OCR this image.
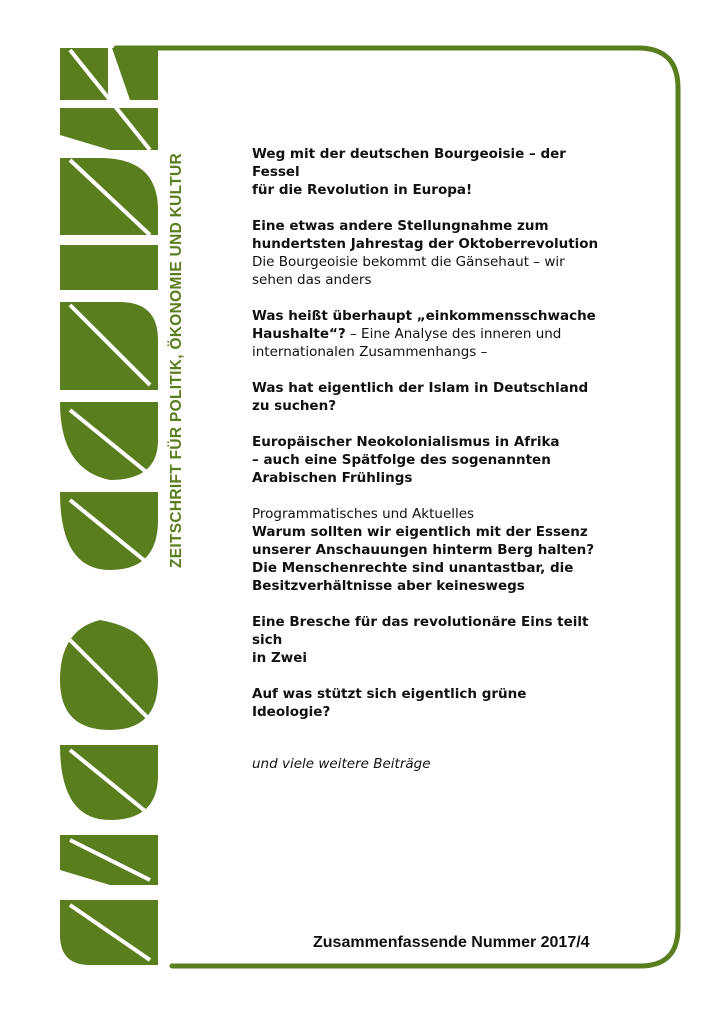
ZEITSCHRIFT FÜR POLITIK, ÖKONOMIE UND KULTUR	Weg mit der deutschen Bourgeoisie – der Fessel
für die Revolution in Europa!
Eine etwas andere Stellungnahme zum
hundertsten Jahrestag der Oktoberrevolution
Die Bourgeoisie bekommt die Gänsehaut – wir
sehen das anders
Was heißt überhaupt „einkommensschwache
Haushalte“? – Eine Analyse des inneren und
internationalen Zusammenhangs –
Was hat eigentlich der Islam in Deutschland
zu suchen?
Europäischer Neokolonialismus in Afrika
– auch eine Spätfolge des sogenannten
Arabischen Frühlings
Programmatisches und Aktuelles
Warum sollten wir eigentlich mit der Essenz
unserer Anschauungen hinterm Berg halten?
Die Menschenrechte sind unantastbar, die
Besitzverhältnisse aber keineswegs
Eine Bresche für das revolutionäre Eins teilt sich
in Zwei
Auf was stützt sich eigentlich grüne Ideologie?
und viele weitere Beiträge
Zusammenfassende Nummer 2017/4
